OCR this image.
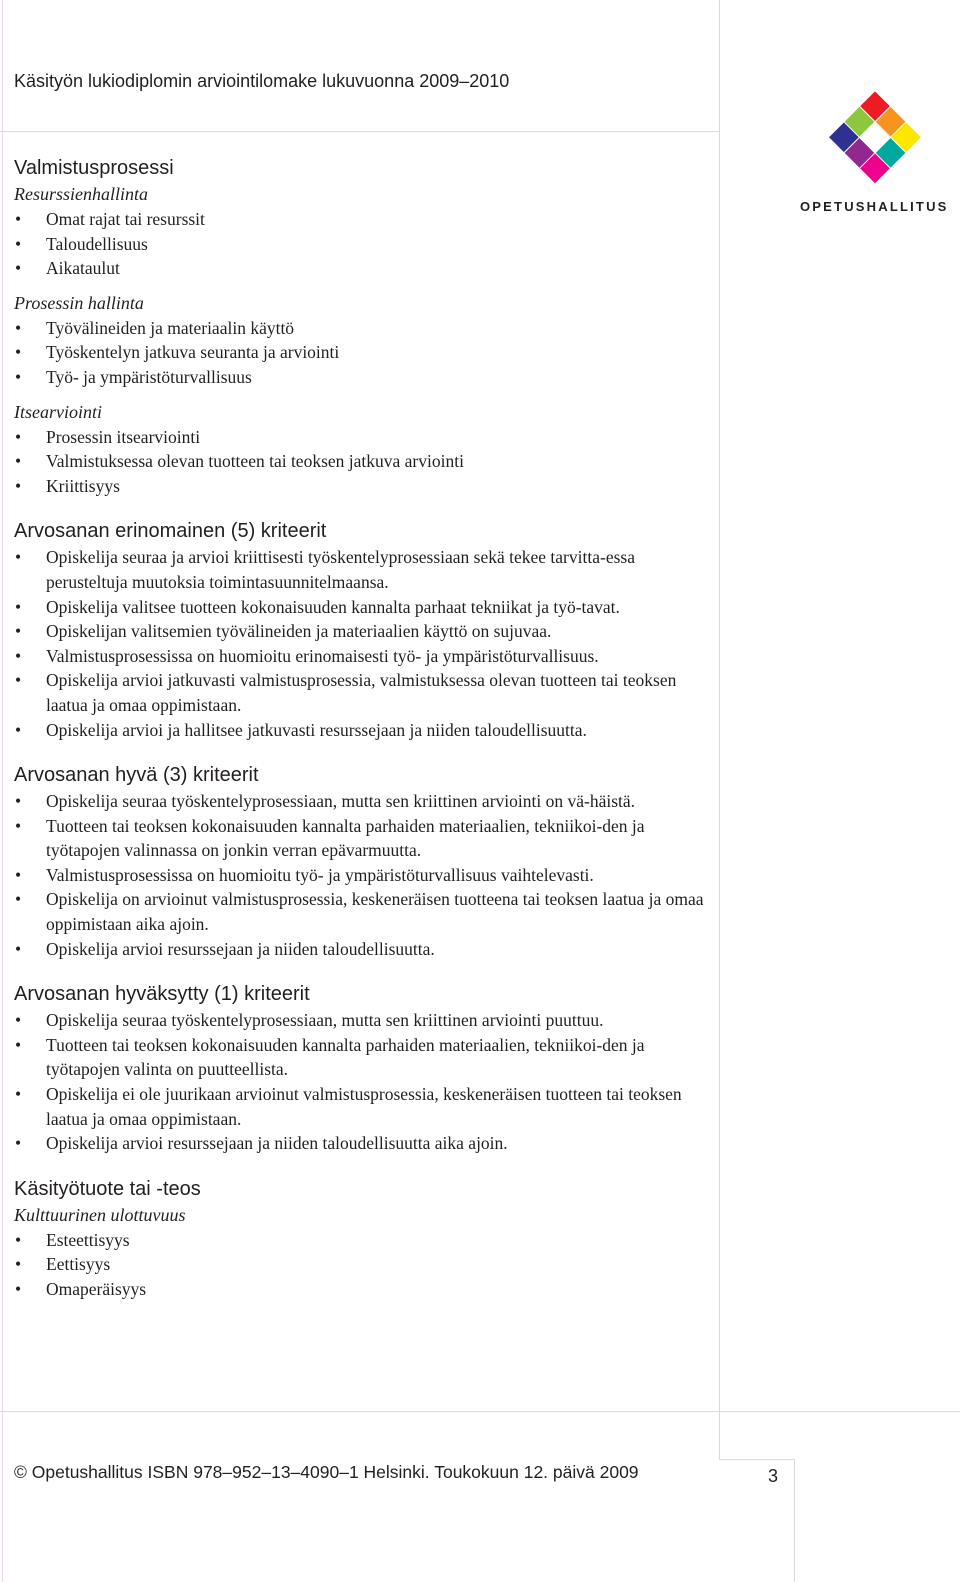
Käsityön lukiodiplomin arviointilomake lukuvuonna 2009–2010
OPETUSHALLITUS
Valmistusprosessi
Resurssienhallinta
• Omat rajat tai resurssit
• Taloudellisuus
• Aikataulut
Prosessin hallinta
• Työvälineiden ja materiaalin käyttö
• Työskentelyn jatkuva seuranta ja arviointi
• Työ- ja ympäristöturvallisuus
Itsearviointi
• Prosessin itsearviointi
• Valmistuksessa olevan tuotteen tai teoksen jatkuva arviointi
• Kriittisyys
Arvosanan erinomainen (5) kriteerit
• Opiskelija seuraa ja arvioi kriittisesti työskentelyprosessiaan sekä tekee tarvitta-essa perusteltuja muutoksia toimintasuunnitelmaansa.
• Opiskelija valitsee tuotteen kokonaisuuden kannalta parhaat tekniikat ja työ-tavat.
• Opiskelijan valitsemien työvälineiden ja materiaalien käyttö on sujuvaa.
• Valmistusprosessissa on huomioitu erinomaisesti työ- ja ympäristöturvallisuus.
• Opiskelija arvioi jatkuvasti valmistusprosessia, valmistuksessa olevan tuotteen tai teoksen laatua ja omaa oppimistaan.
• Opiskelija arvioi ja hallitsee jatkuvasti resurssejaan ja niiden taloudellisuutta.
Arvosanan hyvä (3) kriteerit
• Opiskelija seuraa työskentelyprosessiaan, mutta sen kriittinen arviointi on vä-häistä.
• Tuotteen tai teoksen kokonaisuuden kannalta parhaiden materiaalien, tekniikoi-den ja työtapojen valinnassa on jonkin verran epävarmuutta.
• Valmistusprosessissa on huomioitu työ- ja ympäristöturvallisuus vaihtelevasti.
• Opiskelija on arvioinut valmistusprosessia, keskeneräisen tuotteena tai teoksen laatua ja omaa oppimistaan aika ajoin.
• Opiskelija arvioi resurssejaan ja niiden taloudellisuutta.
Arvosanan hyväksytty (1) kriteerit
• Opiskelija seuraa työskentelyprosessiaan, mutta sen kriittinen arviointi puuttuu.
• Tuotteen tai teoksen kokonaisuuden kannalta parhaiden materiaalien, tekniikoi-den ja työtapojen valinta on puutteellista.
• Opiskelija ei ole juurikaan arvioinut valmistusprosessia, keskeneräisen tuotteen tai teoksen laatua ja omaa oppimistaan.
• Opiskelija arvioi resurssejaan ja niiden taloudellisuutta aika ajoin.
Käsityötuote tai -teos
Kulttuurinen ulottuvuus
• Esteettisyys
• Eettisyys
• Omaperäisyys
© Opetushallitus ISBN 978–952–13–4090–1 Helsinki. Toukokuun 12. päivä 2009	3
